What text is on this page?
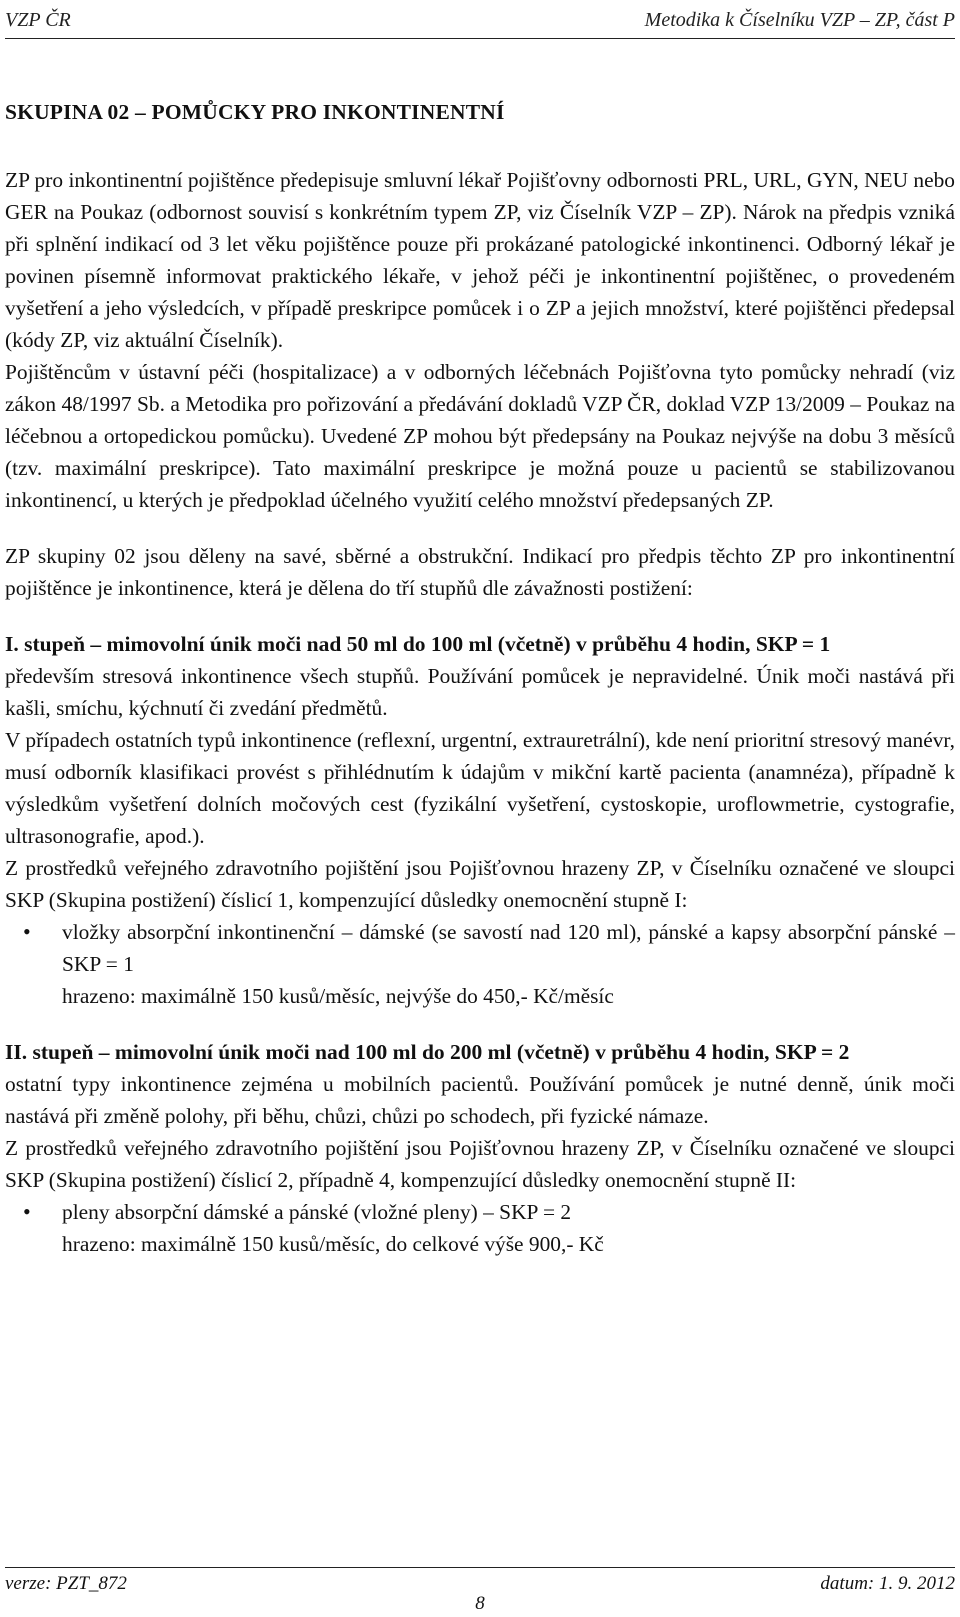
VZP ČR	Metodika k Číselníku VZP – ZP, část P

SKUPINA 02 – POMŮCKY PRO INKONTINENTNÍ

ZP pro inkontinentní pojištěnce předepisuje smluvní lékař Pojišťovny odbornosti PRL, URL, GYN, NEU nebo GER na Poukaz (odbornost souvisí s konkrétním typem ZP, viz Číselník VZP – ZP). Nárok na předpis vzniká při splnění indikací od 3 let věku pojištěnce pouze při prokázané patologické inkontinenci. Odborný lékař je povinen písemně informovat praktického lékaře, v jehož péči je inkontinentní pojištěnec, o provedeném vyšetření a jeho výsledcích, v případě preskripce pomůcek i o ZP a jejich množství, které pojištěnci předepsal (kódy ZP, viz aktuální Číselník).

Pojištěncům v ústavní péči (hospitalizace) a v odborných léčebnách Pojišťovna tyto pomůcky nehradí (viz zákon 48/1997 Sb. a Metodika pro pořizování a předávání dokladů VZP ČR, doklad VZP 13/2009 – Poukaz na léčebnou a ortopedickou pomůcku). Uvedené ZP mohou být předepsány na Poukaz nejvýše na dobu 3 měsíců (tzv. maximální preskripce). Tato maximální preskripce je možná pouze u pacientů se stabilizovanou inkontinencí, u kterých je předpoklad účelného využití celého množství předepsaných ZP.

ZP skupiny 02 jsou děleny na savé, sběrné a obstrukční. Indikací pro předpis těchto ZP pro inkontinentní pojištěnce je inkontinence, která je dělena do tří stupňů dle závažnosti postižení:

I. stupeň – mimovolní únik moči nad 50 ml do 100 ml (včetně) v průběhu 4 hodin, SKP = 1

především stresová inkontinence všech stupňů. Používání pomůcek je nepravidelné. Únik moči nastává při kašli, smíchu, kýchnutí či zvedání předmětů.

V případech ostatních typů inkontinence (reflexní, urgentní, extrauretrální), kde není prioritní stresový manévr, musí odborník klasifikaci provést s přihlédnutím k údajům v mikční kartě pacienta (anamnéza), případně k výsledkům vyšetření dolních močových cest (fyzikální vyšetření, cystoskopie, uroflowmetrie, cystografie, ultrasonografie, apod.).

Z prostředků veřejného zdravotního pojištění jsou Pojišťovnou hrazeny ZP, v Číselníku označené ve sloupci SKP (Skupina postižení) číslicí 1, kompenzující důsledky onemocnění stupně I:

• vložky absorpční inkontinenční – dámské (se savostí nad 120 ml), pánské a kapsy absorpční pánské – SKP = 1

hrazeno: maximálně 150 kusů/měsíc, nejvýše do 450,- Kč/měsíc

II. stupeň – mimovolní únik moči nad 100 ml do 200 ml (včetně) v průběhu 4 hodin, SKP = 2

ostatní typy inkontinence zejména u mobilních pacientů. Používání pomůcek je nutné denně, únik moči nastává při změně polohy, při běhu, chůzi, chůzi po schodech, při fyzické námaze.

Z prostředků veřejného zdravotního pojištění jsou Pojišťovnou hrazeny ZP, v Číselníku označené ve sloupci SKP (Skupina postižení) číslicí 2, případně 4, kompenzující důsledky onemocnění stupně II:

• pleny absorpční dámské a pánské (vložné pleny) – SKP = 2

hrazeno: maximálně 150 kusů/měsíc, do celkové výše 900,- Kč

verze: PZT_872	datum: 1. 9. 2012
8
